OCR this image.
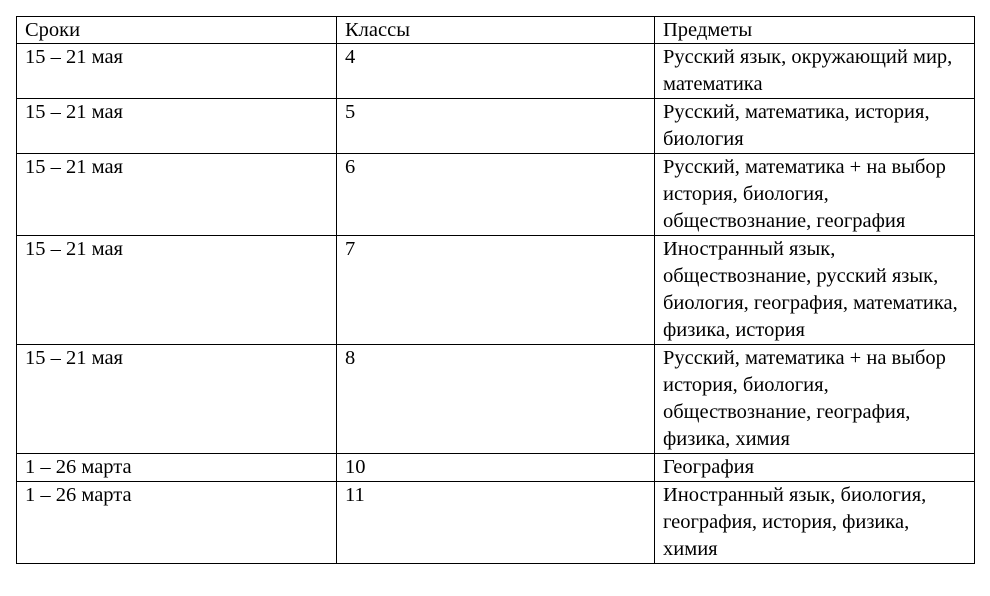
Сроки	Классы	Предметы
15 – 21 мая	4	Русский язык, окружающий мир, математика
15 – 21 мая	5	Русский, математика, история, биология
15 – 21 мая	6	Русский, математика + на выбор история, биология, обществознание, география
15 – 21 мая	7	Иностранный язык, обществознание, русский язык, биология, география, математика, физика, история
15 – 21 мая	8	Русский, математика + на выбор история, биология, обществознание, география, физика, химия
1 – 26 марта	10	География
1 – 26 марта	11	Иностранный язык, биология, география, история, физика, химия
